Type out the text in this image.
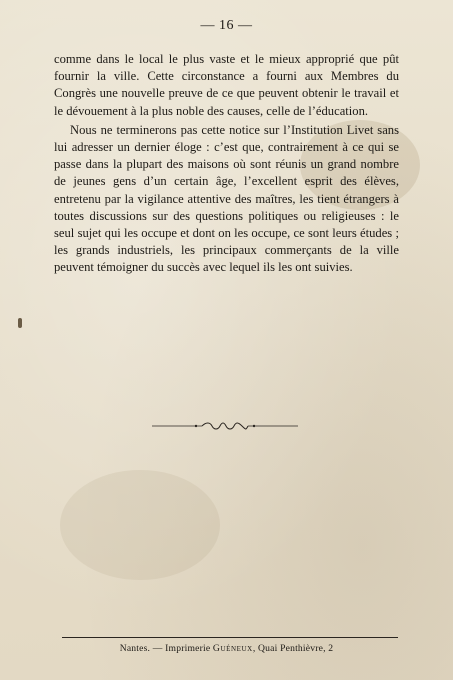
— 16 —

comme dans le local le plus vaste et le mieux approprié que pût fournir la ville. Cette circonstance a fourni aux Membres du Congrès une nouvelle preuve de ce que peuvent obtenir le travail et le dévouement à la plus noble des causes, celle de l’éducation.

Nous ne terminerons pas cette notice sur l’Institution Livet sans lui adresser un dernier éloge : c’est que, contrairement à ce qui se passe dans la plupart des maisons où sont réunis un grand nombre de jeunes gens d’un certain âge, l’excellent esprit des élèves, entretenu par la vigilance attentive des maîtres, les tient étrangers à toutes discussions sur des questions politiques ou religieuses : le seul sujet qui les occupe et dont on les occupe, ce sont leurs études ; les grands industriels, les principaux commerçants de la ville peuvent témoigner du succès avec lequel ils les ont suivies.

Nantes. — Imprimerie Guéneux, Quai Penthièvre, 2
